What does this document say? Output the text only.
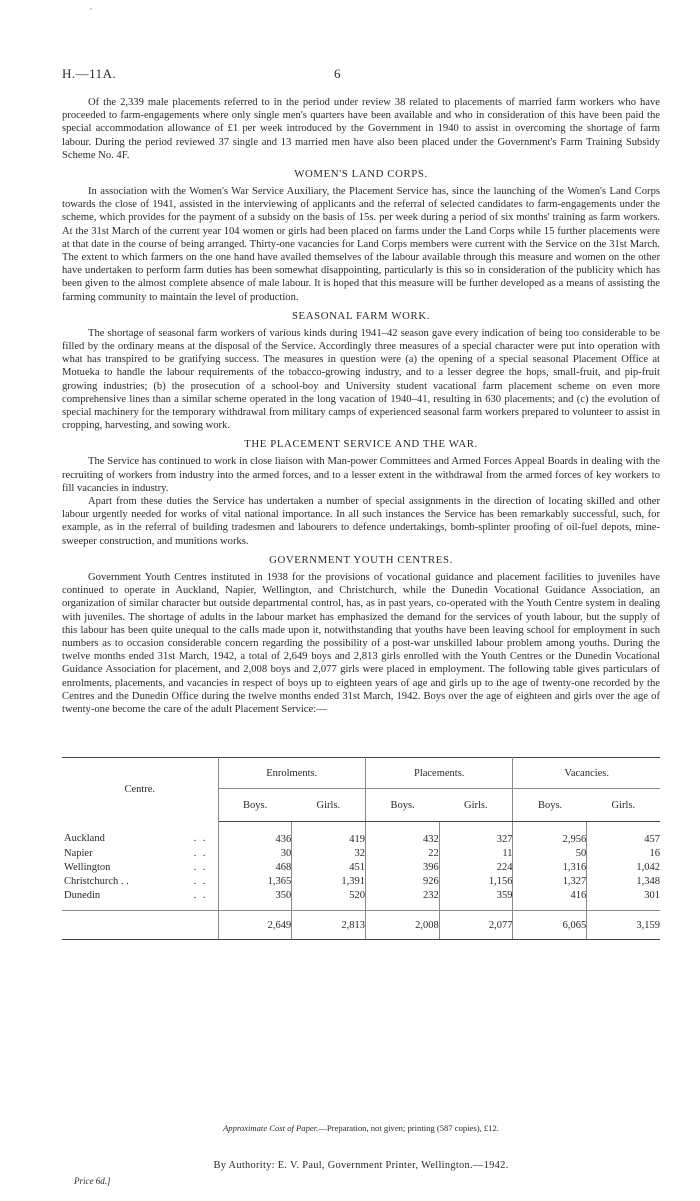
,
H.—11A.	6

Of the 2,339 male placements referred to in the period under review 38 related to placements of married farm workers who have proceeded to farm-engagements where only single men's quarters have been available and who in consideration of this have been paid the special accommodation allowance of £1 per week introduced by the Government in 1940 to assist in overcoming the shortage of farm labour. During the period reviewed 37 single and 13 married men have also been placed under the Government's Farm Training Subsidy Scheme No. 4F.

WOMEN'S LAND CORPS.

In association with the Women's War Service Auxiliary, the Placement Service has, since the launching of the Women's Land Corps towards the close of 1941, assisted in the interviewing of applicants and the referral of selected candidates to farm-engagements under the scheme, which provides for the payment of a subsidy on the basis of 15s. per week during a period of six months' training as farm workers. At the 31st March of the current year 104 women or girls had been placed on farms under the Land Corps while 15 further placements were at that date in the course of being arranged. Thirty-one vacancies for Land Corps members were current with the Service on the 31st March. The extent to which farmers on the one hand have availed themselves of the labour available through this measure and women on the other have undertaken to perform farm duties has been somewhat disappointing, particularly is this so in consideration of the publicity which has been given to the almost complete absence of male labour. It is hoped that this measure will be further developed as a means of assisting the farming community to maintain the level of production.

SEASONAL FARM WORK.

The shortage of seasonal farm workers of various kinds during 1941–42 season gave every indication of being too considerable to be filled by the ordinary means at the disposal of the Service. Accordingly three measures of a special character were put into operation with what has transpired to be gratifying success. The measures in question were (a) the opening of a special seasonal Placement Office at Motueka to handle the labour requirements of the tobacco-growing industry, and to a lesser degree the hops, small-fruit, and pip-fruit growing industries; (b) the prosecution of a school-boy and University student vacational farm placement scheme on even more comprehensive lines than a similar scheme operated in the long vacation of 1940–41, resulting in 630 placements; and (c) the evolution of special machinery for the temporary withdrawal from military camps of experienced seasonal farm workers prepared to volunteer to assist in cropping, harvesting, and sowing work.

THE PLACEMENT SERVICE AND THE WAR.

The Service has continued to work in close liaison with Man-power Committees and Armed Forces Appeal Boards in dealing with the recruiting of workers from industry into the armed forces, and to a lesser extent in the withdrawal from the armed forces of key workers to fill vacancies in industry.

Apart from these duties the Service has undertaken a number of special assignments in the direction of locating skilled and other labour urgently needed for works of vital national importance. In all such instances the Service has been remarkably successful, such, for example, as in the referral of building tradesmen and labourers to defence undertakings, bomb-splinter proofing of oil-fuel depots, mine-sweeper construction, and munitions works.

GOVERNMENT YOUTH CENTRES.

Government Youth Centres instituted in 1938 for the provisions of vocational guidance and placement facilities to juveniles have continued to operate in Auckland, Napier, Wellington, and Christchurch, while the Dunedin Vocational Guidance Association, an organization of similar character but outside departmental control, has, as in past years, co-operated with the Youth Centre system in dealing with juveniles. The shortage of adults in the labour market has emphasized the demand for the services of youth labour, but the supply of this labour has been quite unequal to the calls made upon it, notwithstanding that youths have been leaving school for employment in such numbers as to occasion considerable concern regarding the possibility of a post-war unskilled labour problem among youths. During the twelve months ended 31st March, 1942, a total of 2,649 boys and 2,813 girls enrolled with the Youth Centres or the Dunedin Vocational Guidance Association for placement, and 2,008 boys and 2,077 girls were placed in employment. The following table gives particulars of enrolments, placements, and vacancies in respect of boys up to eighteen years of age and girls up to the age of twenty-one recorded by the Centres and the Dunedin Office during the twelve months ended 31st March, 1942. Boys over the age of eighteen and girls over the age of twenty-one become the care of the adult Placement Service:—

Centre.	Enrolments.		Placements.		Vacancies.	
	Boys.	Girls.	Boys.	Girls.	Boys.	Girls.
Auckland . .	436	419	432	327	2,956	457
Napier . .	30	32	22	11	50	16
Wellington . .	468	451	396	224	1,316	1,042
Christchurch . . . .	1,365	1,391	926	1,156	1,327	1,348
Dunedin . .	350	520	232	359	416	301

	2,649	2,813	2,008	2,077	6,065	3,159
Approximate Cost of Paper.—Preparation, not given; printing (587 copies), £12.
By Authority: E. V. Paul, Government Printer, Wellington.—1942.
Price 6d.]
